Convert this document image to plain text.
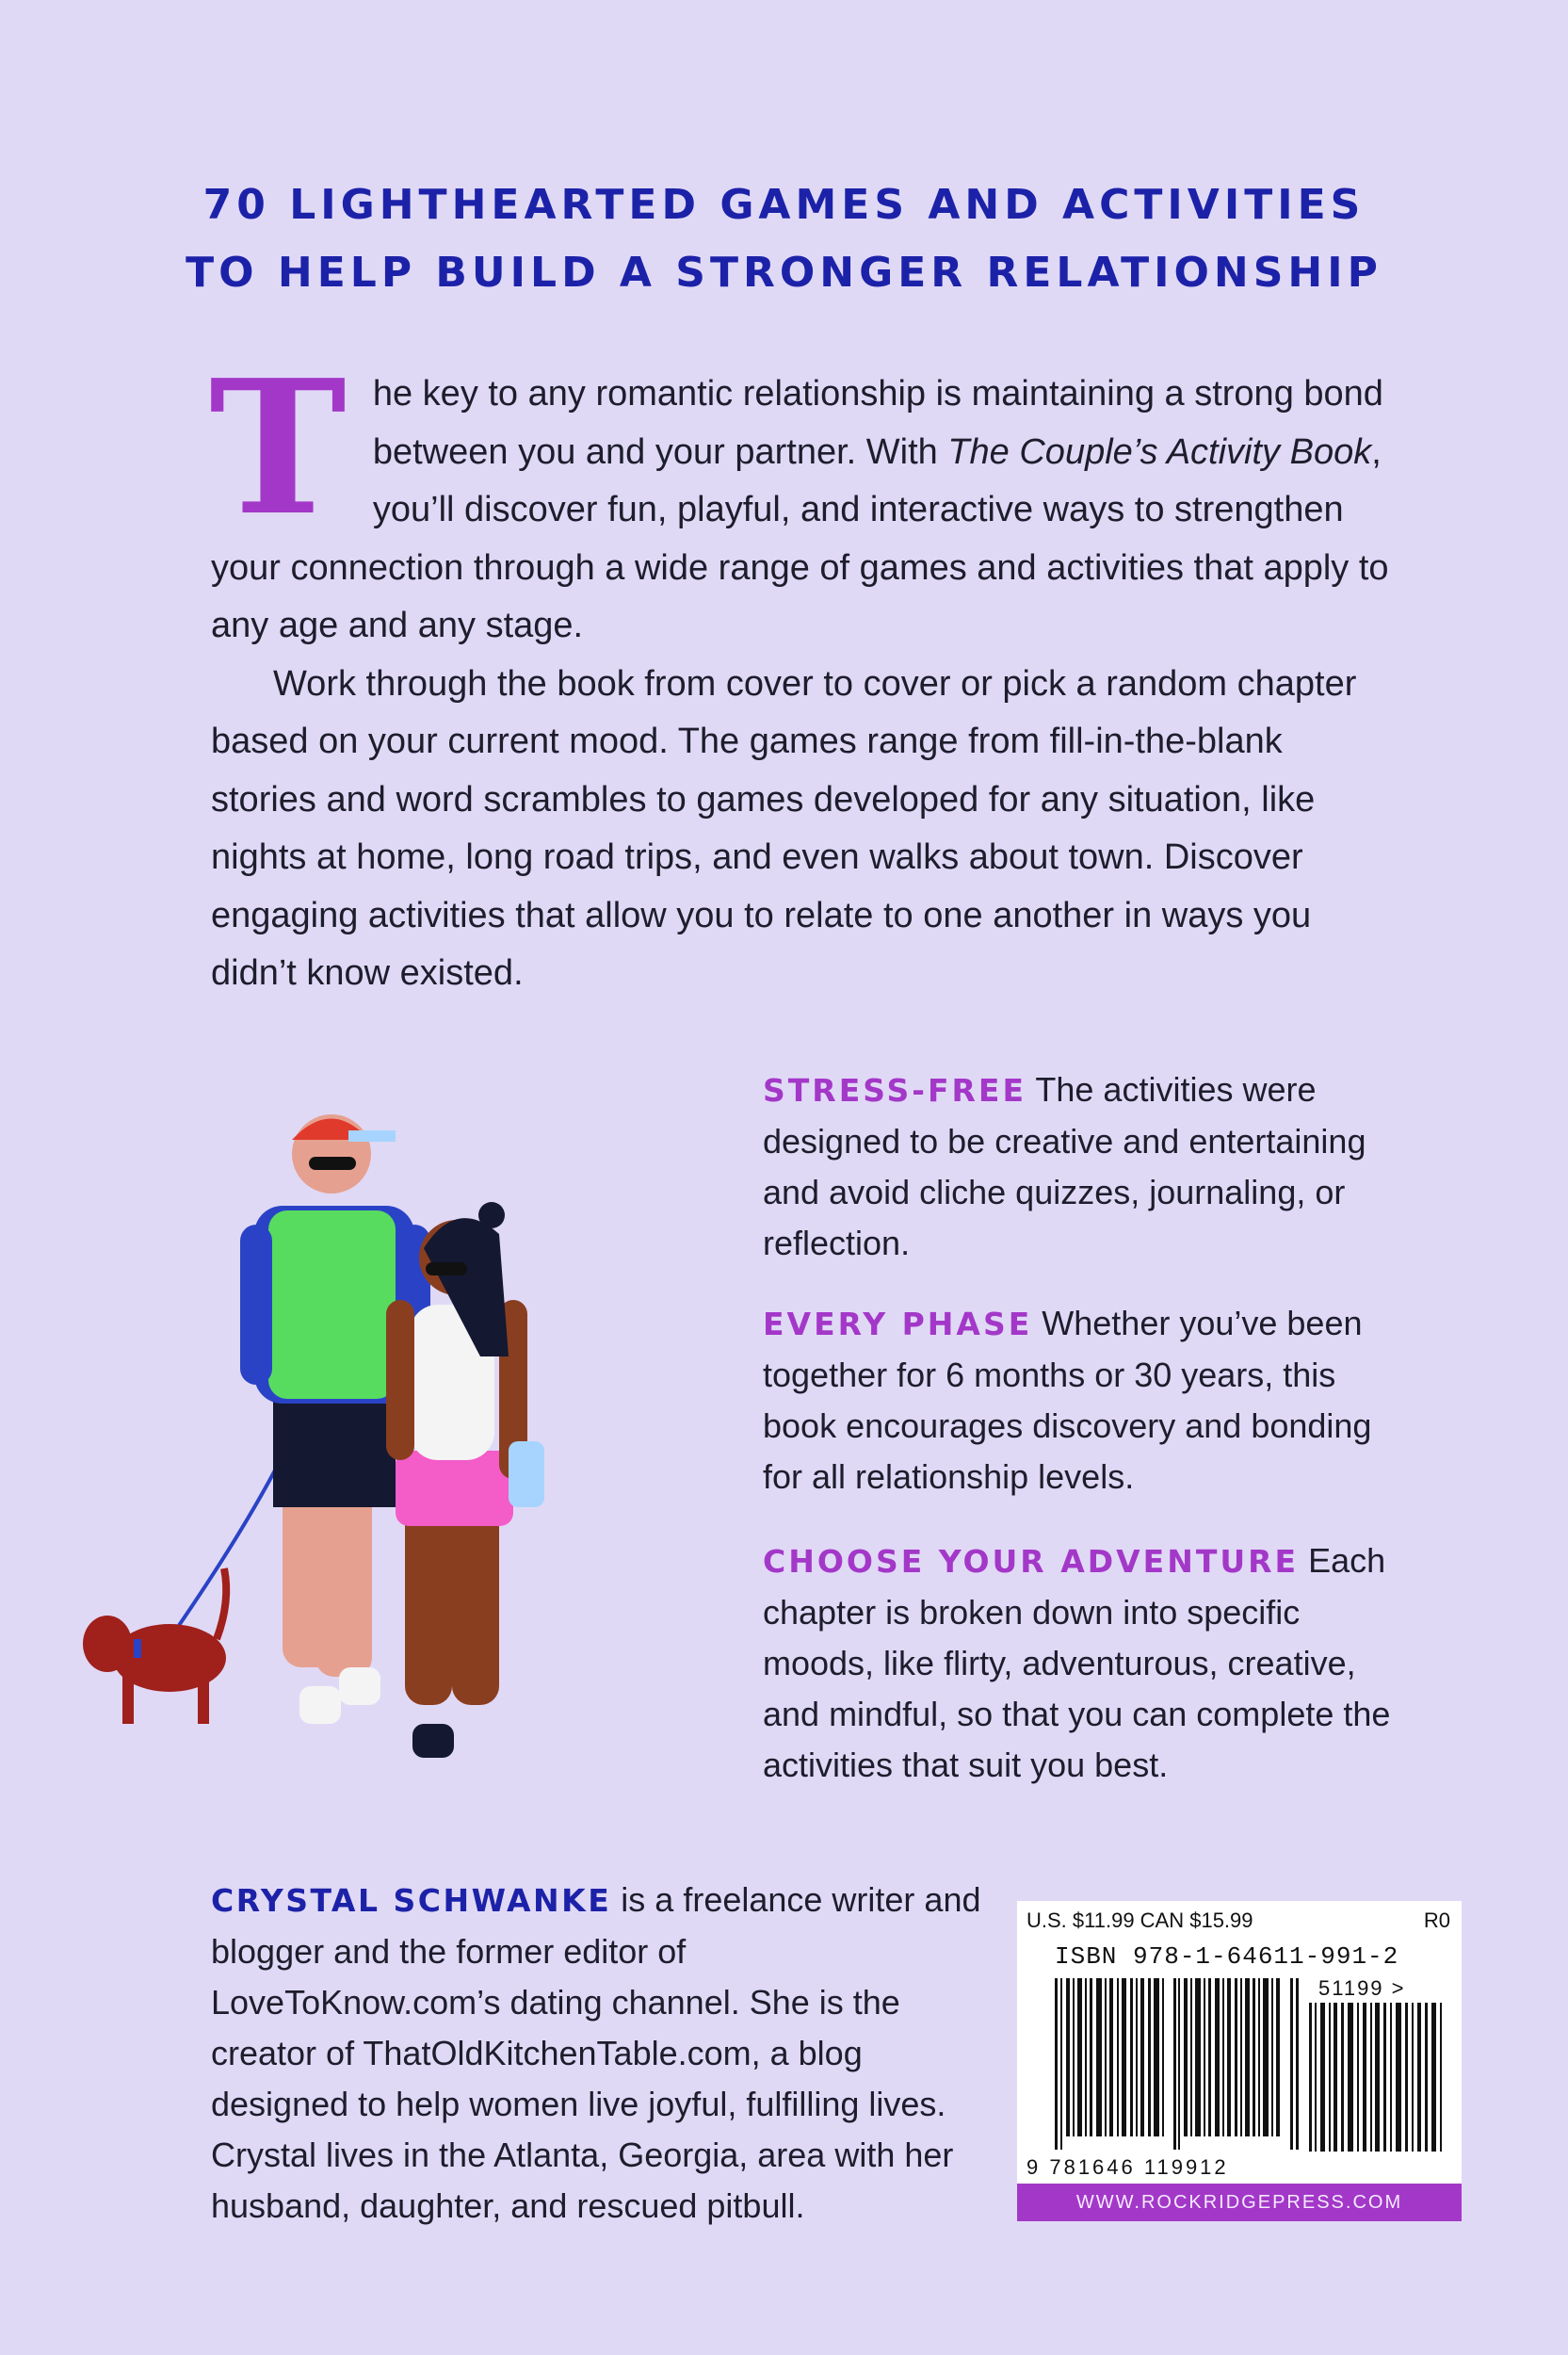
70 LIGHTHEARTED GAMES AND ACTIVITIES
TO HELP BUILD A STRONGER RELATIONSHIP
T he key to any romantic relationship is maintaining a strong bond between you and your partner. With The Couple’s Activity Book, you’ll discover fun, playful, and interactive ways to strengthen your connection through a wide range of games and activities that apply to any age and any stage.

Work through the book from cover to cover or pick a random chapter based on your current mood. The games range from fill-in-the-blank stories and word scrambles to games developed for any situation, like nights at home, long road trips, and even walks about town. Discover engaging activities that allow you to relate to one another in ways you didn’t know existed.

STRESS-FREE The activities were designed to be creative and entertaining and avoid cliche quizzes, journaling, or reflection.
EVERY PHASE Whether you’ve been together for 6 months or 30 years, this book encourages discovery and bonding for all relationship levels.
CHOOSE YOUR ADVENTURE Each chapter is broken down into specific moods, like flirty, adventurous, creative, and mindful, so that you can complete the activities that suit you best.
CRYSTAL SCHWANKE is a freelance writer and blogger and the former editor of LoveToKnow.com’s dating channel. She is the creator of ThatOldKitchenTable.com, a blog designed to help women live joyful, fulfilling lives. Crystal lives in the Atlanta, Georgia, area with her husband, daughter, and rescued pitbull.
U.S. $11.99 CAN $15.99	R0
ISBN 978-1-64611-991-2
51199 >
9 781646 119912
WWW.ROCKRIDGEPRESS.COM
